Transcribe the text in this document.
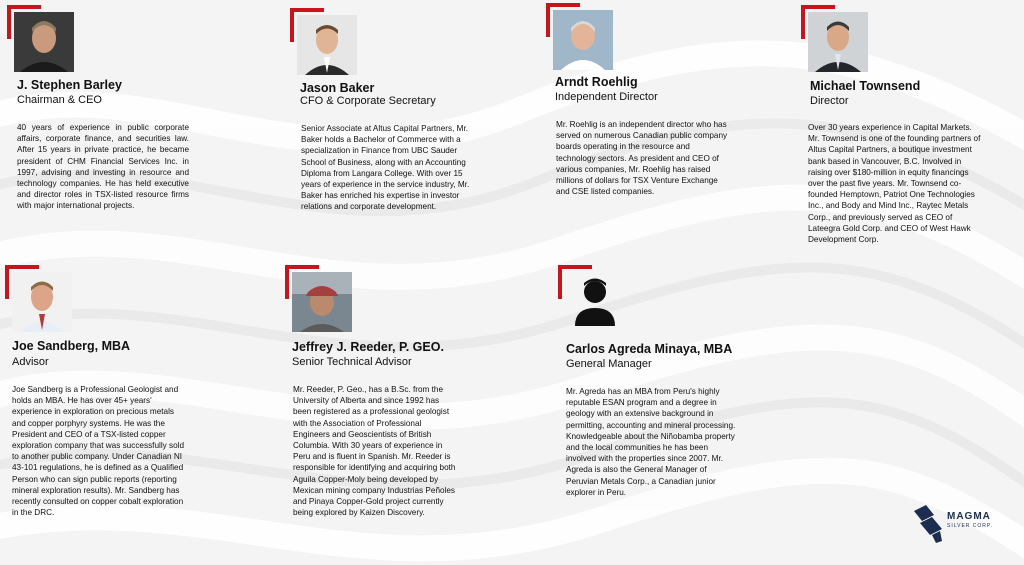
J. Stephen Barley
Chairman & CEO

40 years of experience in public corporate affairs, corporate finance, and securities law. After 15 years in private practice, he became president of CHM Financial Services Inc. in 1997, advising and investing in resource and technology companies. He has held executive and director roles in TSX-listed resource firms with major international projects.

Jason Baker
CFO & Corporate Secretary

Senior Associate at Altus Capital Partners, Mr. Baker holds a Bachelor of Commerce with a specialization in Finance from UBC Sauder School of Business, along with an Accounting Diploma from Langara College. With over 15 years of experience in the service industry, Mr. Baker has enriched his expertise in investor relations and corporate development.

Arndt Roehlig
Independent Director

Mr. Roehlig is an independent director who has served on numerous Canadian public company boards operating in the resource and technology sectors. As president and CEO of various companies, Mr. Roehlig has raised millions of dollars for TSX Venture Exchange and CSE listed companies.

Michael Townsend
Director

Over 30 years experience in Capital Markets. Mr. Townsend is one of the founding partners of Altus Capital Partners, a boutique investment bank based in Vancouver, B.C. Involved in raising over $180-million in equity financings over the past five years. Mr. Townsend co-founded Hemptown, Patriot One Technologies Inc., and Body and Mind Inc., Raytec Metals Corp., and previously served as CEO of Lateegra Gold Corp. and CEO of West Hawk Development Corp.

Joe Sandberg, MBA
Advisor

Joe Sandberg is a Professional Geologist and holds an MBA. He has over 45+ years' experience in exploration on precious metals and copper porphyry systems. He was the President and CEO of a TSX-listed copper exploration company that was successfully sold to another public company. Under Canadian NI 43-101 regulations, he is defined as a Qualified Person who can sign public reports (reporting mineral exploration results). Mr. Sandberg has recently consulted on copper cobalt exploration in the DRC.

Jeffrey J. Reeder, P. GEO.
Senior Technical Advisor

Mr. Reeder, P. Geo., has a B.Sc. from the University of Alberta and since 1992 has been registered as a professional geologist with the Association of Professional Engineers and Geoscientists of British Columbia. With 30 years of experience in Peru and is fluent in Spanish. Mr. Reeder is responsible for identifying and acquiring both Aguila Copper-Moly being developed by Mexican mining company Industrias Peñoles and Pinaya Copper-Gold project currently being explored by Kaizen Discovery.

Carlos Agreda Minaya, MBA
General Manager

Mr. Agreda has an MBA from Peru's highly reputable ESAN program and a degree in geology with an extensive background in permitting, accounting and mineral processing. Knowledgeable about the Niñobamba property and the local communities he has been involved with the properties since 2007. Mr. Agreda is also the General Manager of Peruvian Metals Corp., a Canadian junior explorer in Peru.

MAGMA
SILVER CORP.
